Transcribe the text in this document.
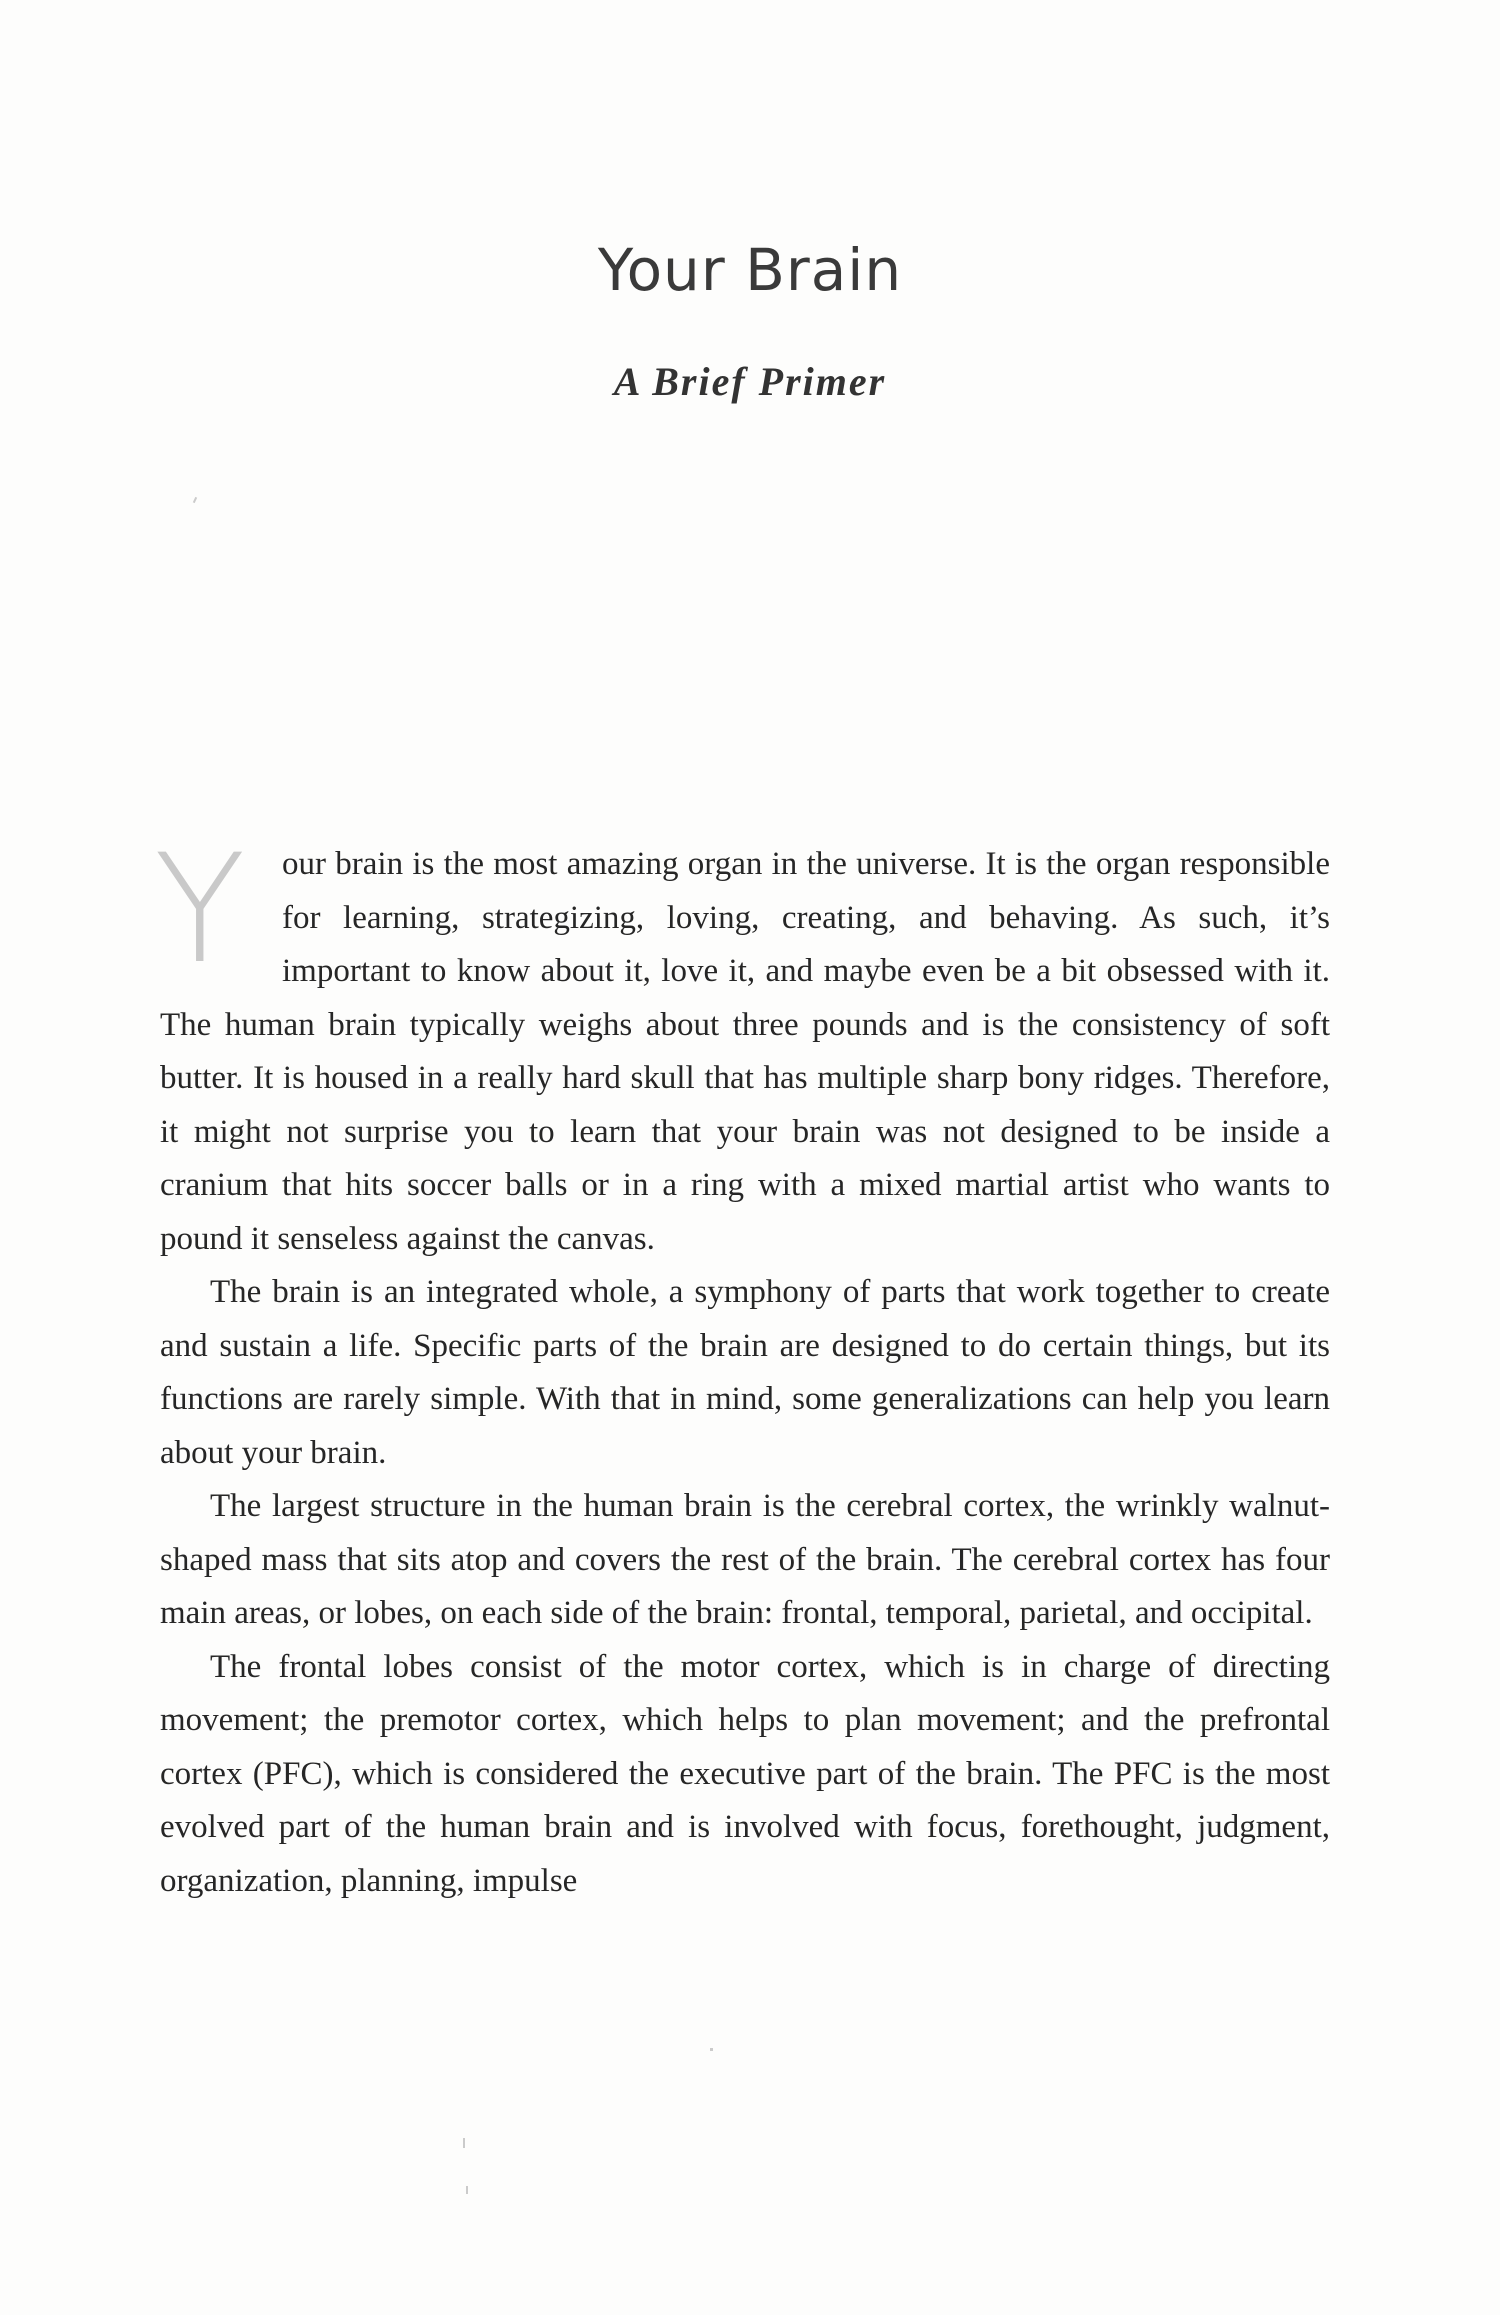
Your Brain
A Brief Primer

Y	our brain is the most amazing organ in the universe. It is the organ responsible for learning, strategizing, loving, creating, and behaving. As such, it’s important to know about it, love it, and maybe even be a bit obsessed with it. The human brain typically weighs about three pounds and is the consistency of soft butter. It is housed in a really hard skull that has multiple sharp bony ridges. Therefore, it might not surprise you to learn that your brain was not designed to be inside a cranium that hits soccer balls or in a ring with a mixed martial artist who wants to pound it senseless against the canvas.

The brain is an integrated whole, a symphony of parts that work together to create and sustain a life. Specific parts of the brain are designed to do certain things, but its functions are rarely simple. With that in mind, some generalizations can help you learn about your brain.

The largest structure in the human brain is the cerebral cortex, the wrinkly walnut-shaped mass that sits atop and covers the rest of the brain. The cerebral cortex has four main areas, or lobes, on each side of the brain: frontal, temporal, parietal, and occipital.

The frontal lobes consist of the motor cortex, which is in charge of directing movement; the premotor cortex, which helps to plan movement; and the prefrontal cortex (PFC), which is considered the executive part of the brain. The PFC is the most evolved part of the human brain and is involved with focus, forethought, judgment, organization, planning, impulse
